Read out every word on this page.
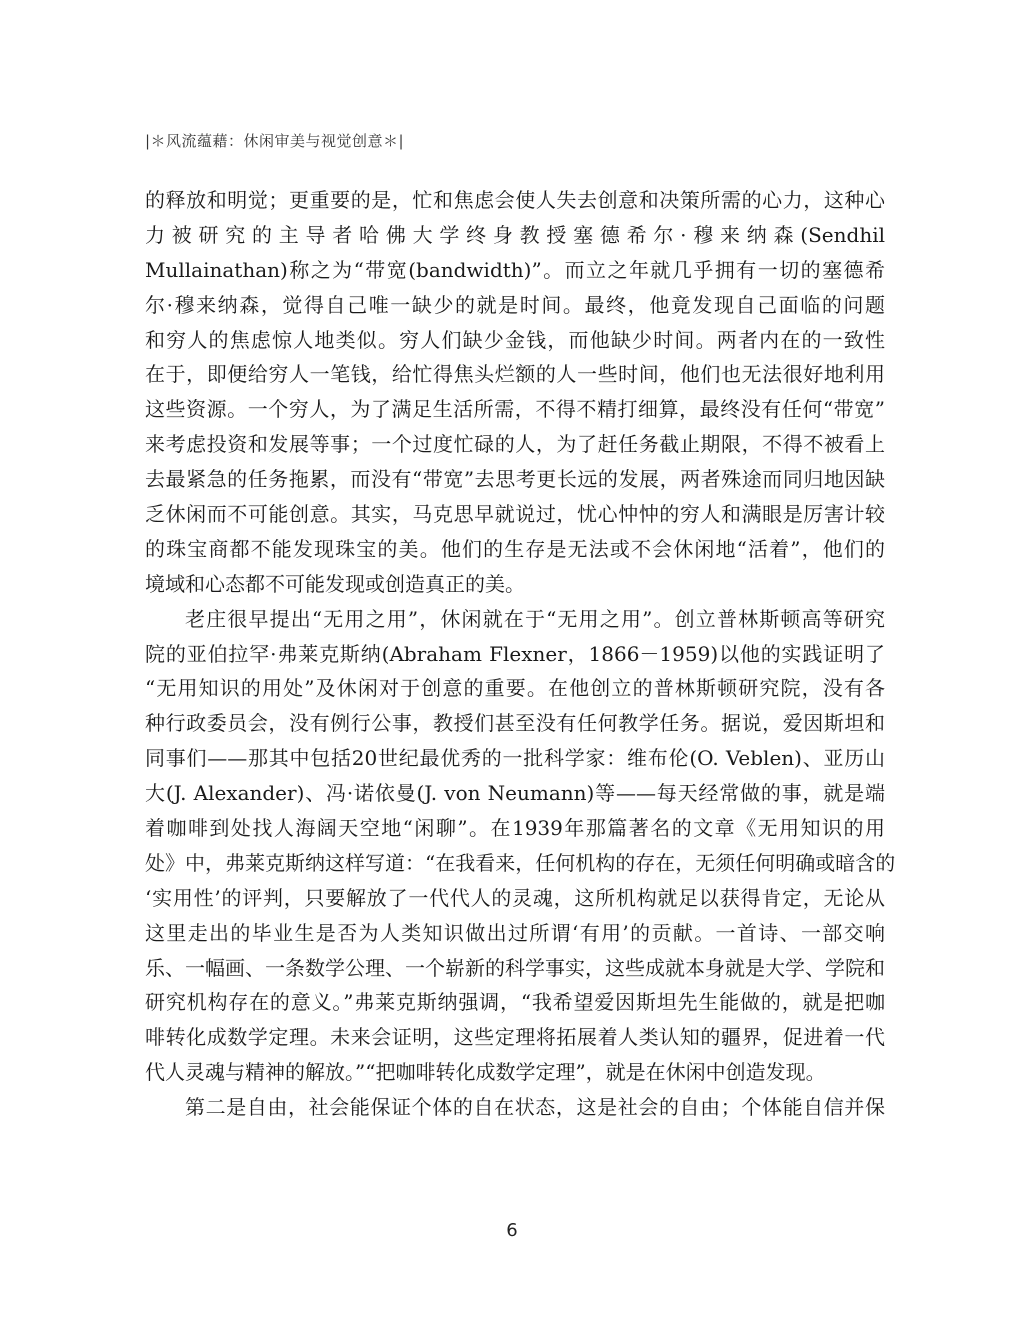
|＊风流蕴藉：休闲审美与视觉创意＊|
的释放和明觉；更重要的是，忙和焦虑会使人失去创意和决策所需的心力，这种心
力被研究的主导者哈佛大学终身教授塞德希尔·穆来纳森(Sendhil
Mullainathan)称之为“带宽(bandwidth)”。而立之年就几乎拥有一切的塞德希
尔·穆来纳森，觉得自己唯一缺少的就是时间。最终，他竟发现自己面临的问题
和穷人的焦虑惊人地类似。穷人们缺少金钱，而他缺少时间。两者内在的一致性
在于，即便给穷人一笔钱，给忙得焦头烂额的人一些时间，他们也无法很好地利用
这些资源。一个穷人，为了满足生活所需，不得不精打细算，最终没有任何“带宽”
来考虑投资和发展等事；一个过度忙碌的人，为了赶任务截止期限，不得不被看上
去最紧急的任务拖累，而没有“带宽”去思考更长远的发展，两者殊途而同归地因缺
乏休闲而不可能创意。其实，马克思早就说过，忧心忡忡的穷人和满眼是厉害计较
的珠宝商都不能发现珠宝的美。他们的生存是无法或不会休闲地“活着”，他们的
境域和心态都不可能发现或创造真正的美。
老庄很早提出“无用之用”，休闲就在于“无用之用”。创立普林斯顿高等研究
院的亚伯拉罕·弗莱克斯纳(Abraham Flexner，1866－1959)以他的实践证明了
“无用知识的用处”及休闲对于创意的重要。在他创立的普林斯顿研究院，没有各
种行政委员会，没有例行公事，教授们甚至没有任何教学任务。据说，爱因斯坦和
同事们——那其中包括20世纪最优秀的一批科学家：维布伦(O. Veblen)、亚历山
大(J. Alexander)、冯·诺依曼(J. von Neumann)等——每天经常做的事，就是端
着咖啡到处找人海阔天空地“闲聊”。在1939年那篇著名的文章《无用知识的用
处》中，弗莱克斯纳这样写道：“在我看来，任何机构的存在，无须任何明确或暗含的
‘实用性’的评判，只要解放了一代代人的灵魂，这所机构就足以获得肯定，无论从
这里走出的毕业生是否为人类知识做出过所谓‘有用’的贡献。一首诗、一部交响
乐、一幅画、一条数学公理、一个崭新的科学事实，这些成就本身就是大学、学院和
研究机构存在的意义。”弗莱克斯纳强调，“我希望爱因斯坦先生能做的，就是把咖
啡转化成数学定理。未来会证明，这些定理将拓展着人类认知的疆界，促进着一代
代人灵魂与精神的解放。”“把咖啡转化成数学定理”，就是在休闲中创造发现。
第二是自由，社会能保证个体的自在状态，这是社会的自由；个体能自信并保
6
